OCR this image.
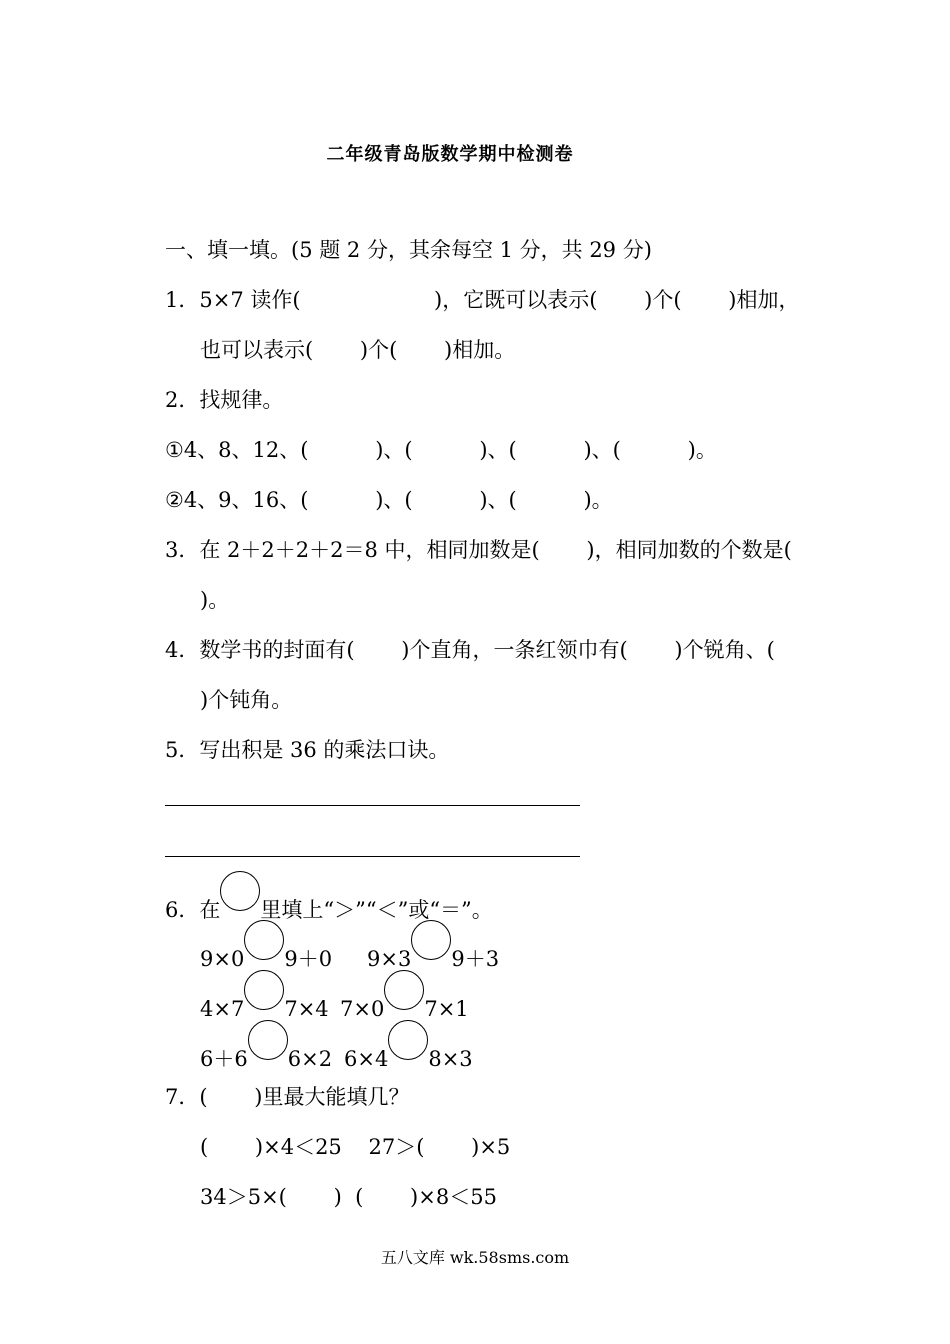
二年级青岛版数学期中检测卷
一、填一填。(5 题 2 分，其余每空 1 分，共 29 分)
1．5×7 读作(                    )，它既可以表示(       )个(       )相加，
也可以表示(       )个(       )相加。
2．找规律。
①4、8、12、(          )、(          )、(          )、(          )。
②4、9、16、(          )、(          )、(          )。
3．在 2＋2＋2＋2＝8 中，相同加数是(       )，相同加数的个数是(
)。
4．数学书的封面有(       )个直角，一条红领巾有(       )个锐角、(
)个钝角。
5．写出积是 36 的乘法口诀。
6．在 里填上“＞”“＜”或“＝”。
9×0 9＋0 9×3 9＋3
4×7 7×4 7×0 7×1
6＋6 6×2 6×4 8×3
7．(       )里最大能填几？
(       )×4＜25    27＞(       )×5
34＞5×(       )  (       )×8＜55
五八文库 wk.58sms.com
